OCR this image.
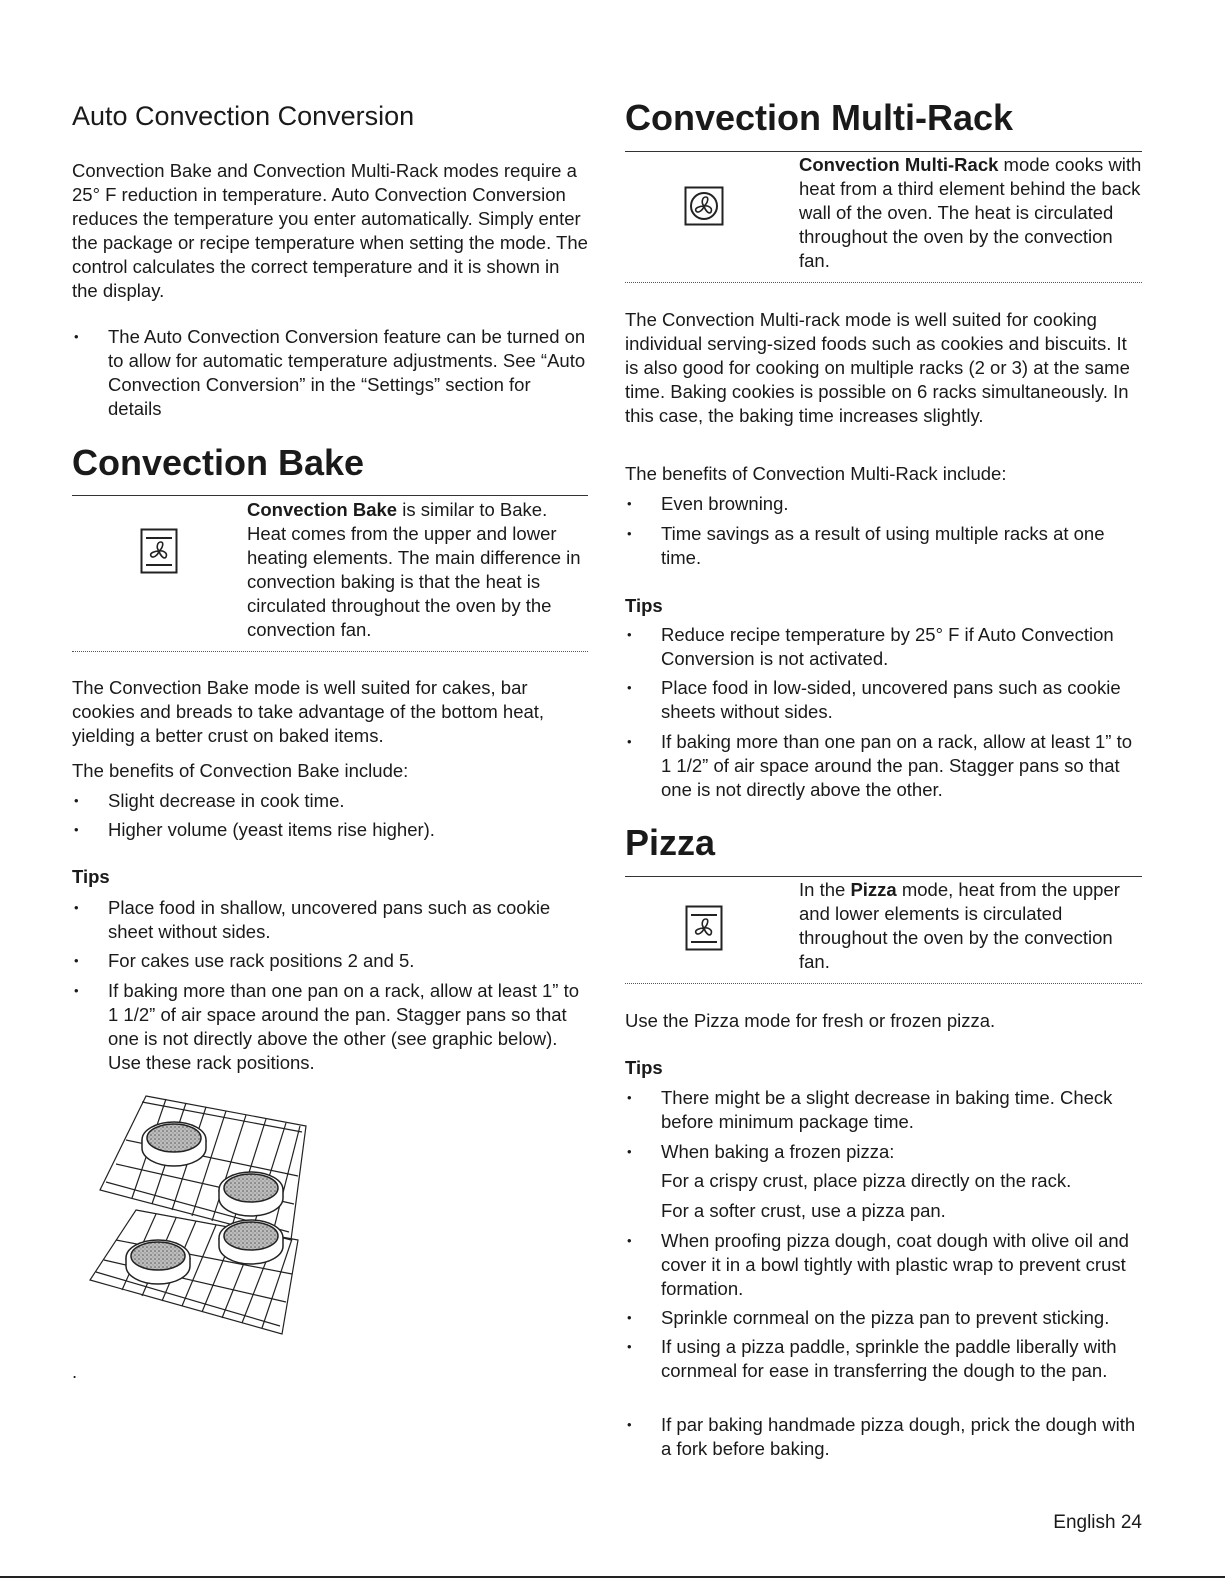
Auto Convection Conversion

Convection Bake and Convection Multi-Rack modes require a 25° F reduction in temperature. Auto Convection Conversion reduces the temperature you enter automatically. Simply enter the package or recipe temperature when setting the mode. The control calculates the correct temperature and it is shown in the display.

• The Auto Convection Conversion feature can be turned on to allow for automatic temperature adjustments. See “Auto Convection Conversion” in the “Settings” section for details
Convection Bake
Convection Bake is similar to Bake. Heat comes from the upper and lower heating elements. The main difference in convection baking is that the heat is circulated throughout the oven by the convection fan.

The Convection Bake mode is well suited for cakes, bar cookies and breads to take advantage of the bottom heat, yielding a better crust on baked items.

The benefits of Convection Bake include:

• Slight decrease in cook time.
• Higher volume (yeast items rise higher).
Tips
• Place food in shallow, uncovered pans such as cookie sheet without sides.
• For cakes use rack positions 2 and 5.
• If baking more than one pan on a rack, allow at least 1” to 1 1/2” of air space around the pan. Stagger pans so that one is not directly above the other (see graphic below). Use these rack positions.
.
Convection Multi-Rack
Convection Multi-Rack mode cooks with heat from a third element behind the back wall of the oven. The heat is circulated throughout the oven by the convection fan.

The Convection Multi-rack mode is well suited for cooking individual serving-sized foods such as cookies and biscuits. It is also good for cooking on multiple racks (2 or 3) at the same time. Baking cookies is possible on 6 racks simultaneously. In this case, the baking time increases slightly.

The benefits of Convection Multi-Rack include:

• Even browning.
• Time savings as a result of using multiple racks at one time.
Tips
• Reduce recipe temperature by 25° F if Auto Convection Conversion is not activated.
• Place food in low-sided, uncovered pans such as cookie sheets without sides.
• If baking more than one pan on a rack, allow at least 1” to 1 1/2” of air space around the pan. Stagger pans so that one is not directly above the other.
Pizza
In the Pizza mode, heat from the upper and lower elements is circulated throughout the oven by the convection fan.

Use the Pizza mode for fresh or frozen pizza.

Tips
• There might be a slight decrease in baking time. Check before minimum package time.
• When baking a frozen pizza:
For a crispy crust, place pizza directly on the rack.
For a softer crust, use a pizza pan.
• When proofing pizza dough, coat dough with olive oil and cover it in a bowl tightly with plastic wrap to prevent crust formation.
• Sprinkle cornmeal on the pizza pan to prevent sticking.
• If using a pizza paddle, sprinkle the paddle liberally with cornmeal for ease in transferring the dough to the pan.
• If par baking handmade pizza dough, prick the dough with a fork before baking.
English 24
